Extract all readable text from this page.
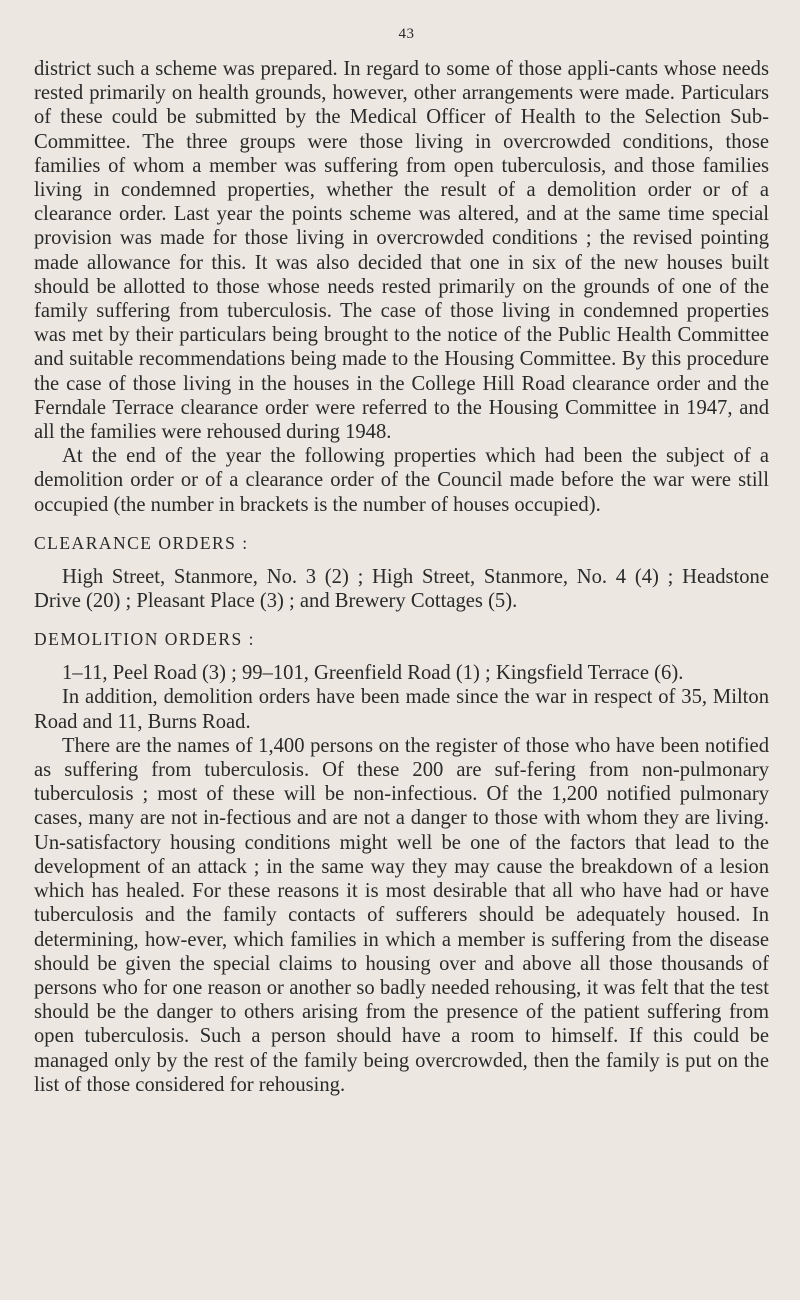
43

district such a scheme was prepared. In regard to some of those appli-cants whose needs rested primarily on health grounds, however, other arrangements were made. Particulars of these could be submitted by the Medical Officer of Health to the Selection Sub-Committee. The three groups were those living in overcrowded conditions, those families of whom a member was suffering from open tuberculosis, and those families living in condemned properties, whether the result of a demolition order or of a clearance order. Last year the points scheme was altered, and at the same time special provision was made for those living in overcrowded conditions ; the revised pointing made allowance for this. It was also decided that one in six of the new houses built should be allotted to those whose needs rested primarily on the grounds of one of the family suffering from tuberculosis. The case of those living in condemned properties was met by their particulars being brought to the notice of the Public Health Committee and suitable recommendations being made to the Housing Committee. By this procedure the case of those living in the houses in the College Hill Road clearance order and the Ferndale Terrace clearance order were referred to the Housing Committee in 1947, and all the families were rehoused during 1948.

At the end of the year the following properties which had been the subject of a demolition order or of a clearance order of the Council made before the war were still occupied (the number in brackets is the number of houses occupied).

CLEARANCE ORDERS :

High Street, Stanmore, No. 3 (2) ; High Street, Stanmore, No. 4 (4) ; Headstone Drive (20) ; Pleasant Place (3) ; and Brewery Cottages (5).

DEMOLITION ORDERS :

1–11, Peel Road (3) ; 99–101, Greenfield Road (1) ; Kingsfield Terrace (6).

In addition, demolition orders have been made since the war in respect of 35, Milton Road and 11, Burns Road.

There are the names of 1,400 persons on the register of those who have been notified as suffering from tuberculosis. Of these 200 are suf-fering from non-pulmonary tuberculosis ; most of these will be non-infectious. Of the 1,200 notified pulmonary cases, many are not in-fectious and are not a danger to those with whom they are living. Un-satisfactory housing conditions might well be one of the factors that lead to the development of an attack ; in the same way they may cause the breakdown of a lesion which has healed. For these reasons it is most desirable that all who have had or have tuberculosis and the family contacts of sufferers should be adequately housed. In determining, how-ever, which families in which a member is suffering from the disease should be given the special claims to housing over and above all those thousands of persons who for one reason or another so badly needed rehousing, it was felt that the test should be the danger to others arising from the presence of the patient suffering from open tuberculosis. Such a person should have a room to himself. If this could be managed only by the rest of the family being overcrowded, then the family is put on the list of those considered for rehousing.
